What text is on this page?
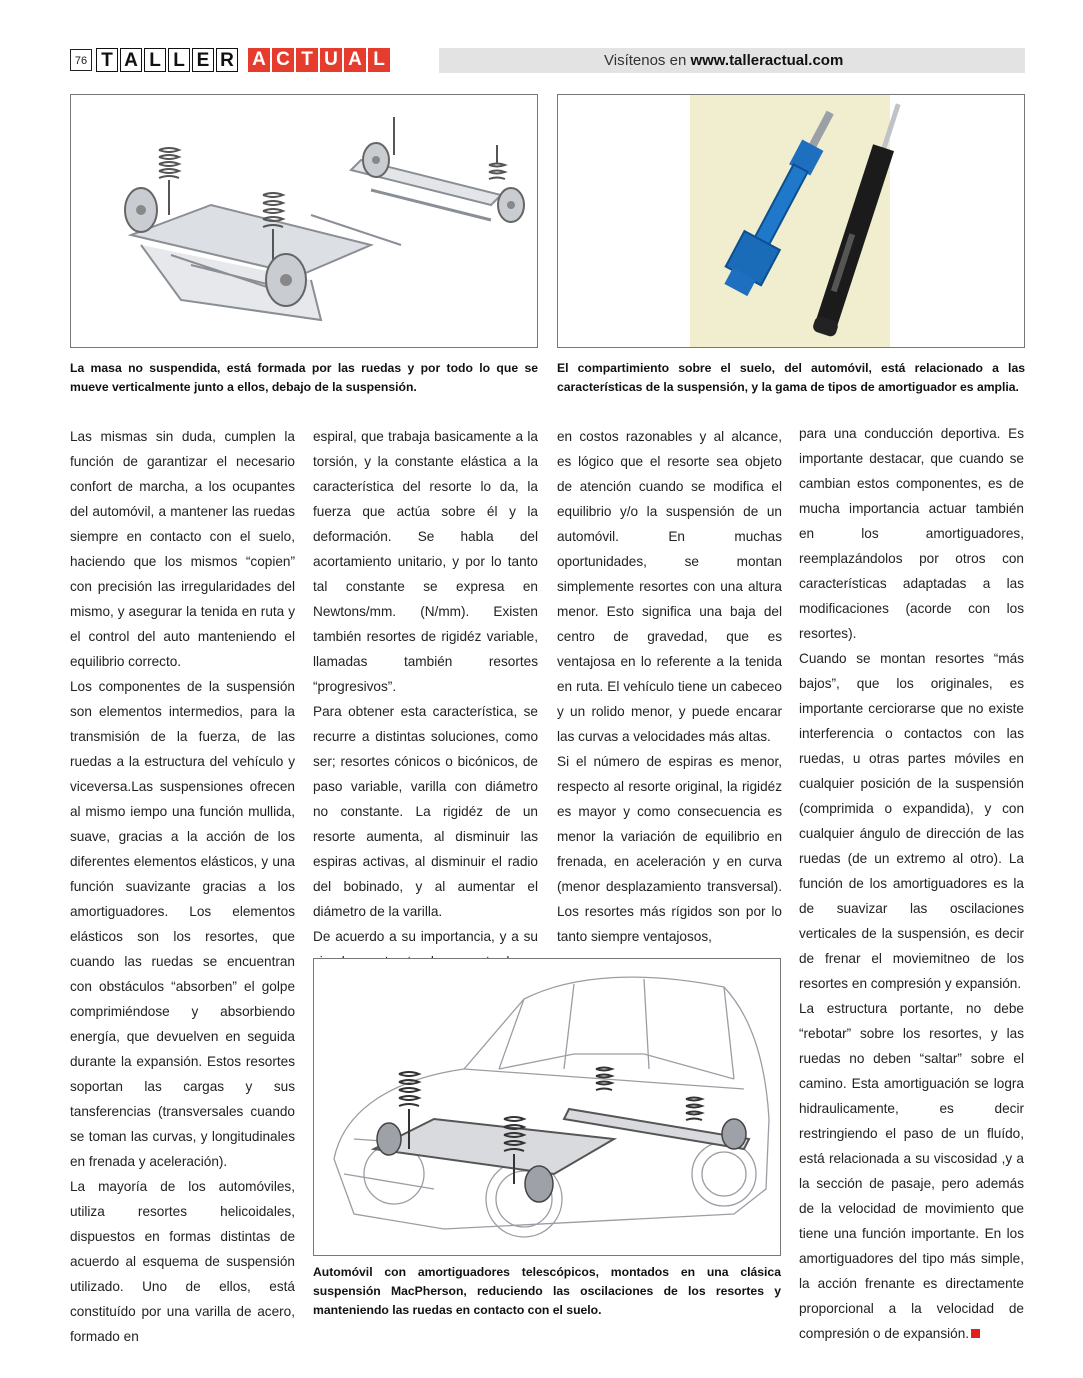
76 T A L L E R A C T U A L	Visítenos en www.talleractual.com
La masa no suspendida, está formada por las ruedas y por todo lo que se mueve verticalmente junto a ellos, debajo de la suspensión.
El compartimiento sobre el suelo, del automóvil, está relacionado a las características de la suspensión, y la gama de tipos de amortiguador es amplia.

Las mismas sin duda, cumplen la función de garantizar el necesario confort de marcha, a los ocupantes del automóvil, a mantener las ruedas siempre en contacto con el suelo, haciendo que los mismos “copien” con precisión las irregularidades del mismo, y asegurar la tenida en ruta y el control del auto manteniendo el equilibrio correcto.

Los componentes de la suspensión son elementos intermedios, para la transmisión de la fuerza, de las ruedas a la estructura del vehículo y viceversa.Las suspensiones ofrecen al mismo iempo una función mullida, suave, gracias a la acción de los diferentes elementos elásticos, y una función suavizante gracias a los amortiguadores. Los elementos elásticos son los resortes, que cuando las ruedas se encuentran con obstáculos “absorben” el golpe comprimiéndose y absorbiendo energía, que devuelven en seguida durante la expansión. Estos resortes soportan las cargas y sus tansferencias (transversales cuando se toman las curvas, y longitudinales en frenada y aceleración).

La mayoría de los automóviles, utiliza resortes helicoidales, dispuestos en formas distintas de acuerdo al esquema de suspensión utilizado. Uno de ellos, está constituído por una varilla de acero, formado en

espiral, que trabaja basicamente a la torsión, y la constante elástica a la característica del resorte lo da, la fuerza que actúa sobre él y la deformación. Se habla del acortamiento unitario, y por lo tanto tal constante se expresa en Newtons/mm. (N/mm). Existen también resortes de rigidéz variable, llamadas también resortes “progresivos”.

Para obtener esta característica, se recurre a distintas soluciones, como ser; resortes cónicos o bicónicos, de paso variable, varilla con diámetro no constante. La rigidéz de un resorte aumenta, al disminuir las espiras activas, al disminuir el radio del bobinado, y al aumentar el diámetro de la varilla.

De acuerdo a su importancia, y a su

en costos razonables y al alcance, es lógico que el resorte sea objeto de atención cuando se modifica el equilibrio y/o la suspensión de un automóvil. En muchas oportunidades, se montan simplemente resortes con una altura menor. Esto significa una baja del centro de gravedad, que es ventajosa en lo referente a la tenida en ruta. El vehículo tiene un cabeceo y un rolido menor, y puede encarar las curvas a velocidades más altas.

Si el número de espiras es menor, respecto al resorte original, la rigidéz es mayor y como consecuencia es menor la variación de equilibrio en frenada, en aceleración y en curva (menor desplazamiento transversal). Los resortes más rígidos son por lo tanto siempre ventajosos,

para una conducción deportiva. Es importante destacar, que cuando se cambian estos componentes, es de mucha importancia actuar también en los amortiguadores, reemplazándolos por otros con características adaptadas a las modificaciones (acorde con los resortes).

Cuando se montan resortes “más bajos”, que los originales, es importante cerciorarse que no existe interferencia o contactos con las ruedas, u otras partes móviles en cualquier posición de la suspensión (comprimida o expandida), y con cualquier ángulo de dirección de las ruedas (de un extremo al otro). La función de los amortiguadores es la de suavizar las oscilaciones verticales de la suspensión, es decir de frenar el moviemitneo de los resortes en compresión y expansión.

La estructura portante, no debe “rebotar” sobre los resortes, y las ruedas no deben “saltar” sobre el camino. Esta amortiguación se logra hidraulicamente, es decir restringiendo el paso de un fluído, está relacionada a su viscosidad ,y a la sección de pasaje, pero además de la velocidad de movimiento que tiene una función importante. En los amortiguadores del tipo más simple, la acción frenante es directamente proporcional a la velocidad de compresión o de expansión.

Automóvil con amortiguadores telescópicos, montados en una clásica suspensión MacPherson, reduciendo las oscilaciones de los resortes y manteniendo las ruedas en contacto con el suelo.
